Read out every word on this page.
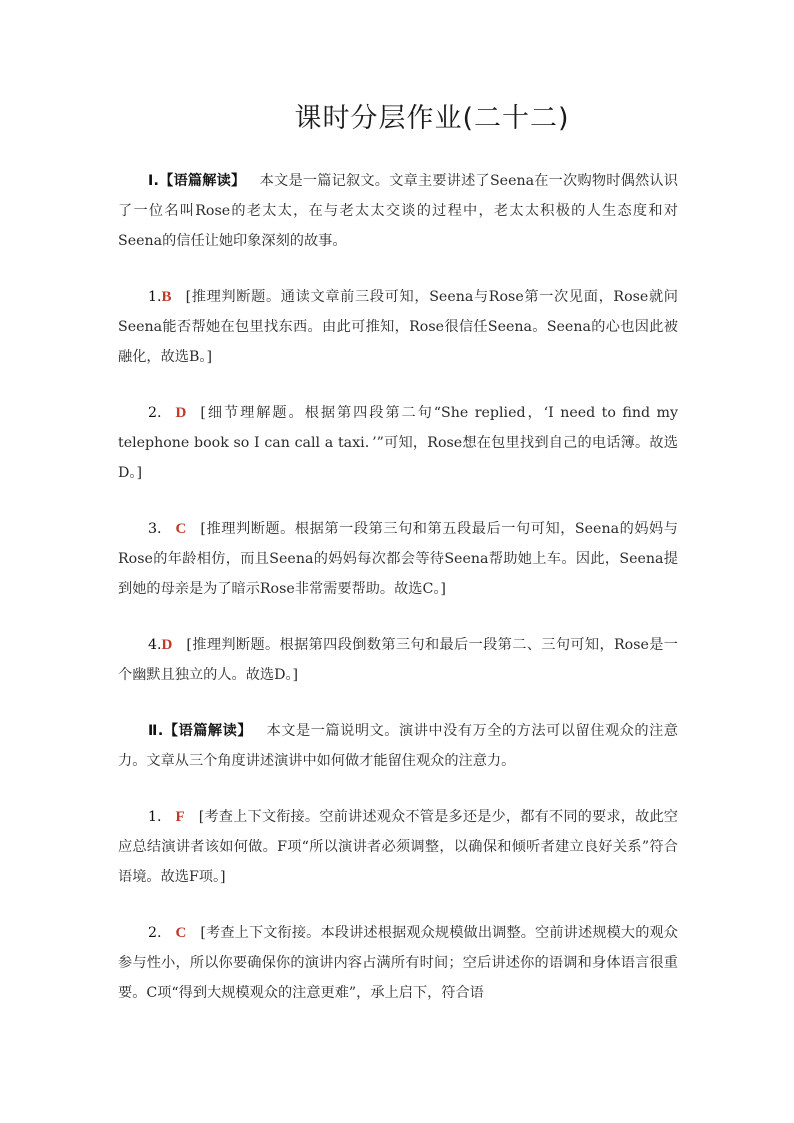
课时分层作业(二十二)

Ⅰ.【语篇解读】 本文是一篇记叙文。文章主要讲述了Seena在一次购物时偶然认识了一位名叫Rose的老太太，在与老太太交谈的过程中，老太太积极的人生态度和对Seena的信任让她印象深刻的故事。

1.B [推理判断题。通读文章前三段可知，Seena与Rose第一次见面，Rose就问Seena能否帮她在包里找东西。由此可推知，Rose很信任Seena。Seena的心也因此被融化，故选B。]

2. D [细节理解题。根据第四段第二句“She replied，‘I need to find my telephone book so I can call a taxi．’”可知，Rose想在包里找到自己的电话簿。故选D。]

3. C [推理判断题。根据第一段第三句和第五段最后一句可知，Seena的妈妈与Rose的年龄相仿，而且Seena的妈妈每次都会等待Seena帮助她上车。因此，Seena提到她的母亲是为了暗示Rose非常需要帮助。故选C。]

4.D [推理判断题。根据第四段倒数第三句和最后一段第二、三句可知，Rose是一个幽默且独立的人。故选D。]

Ⅱ.【语篇解读】 本文是一篇说明文。演讲中没有万全的方法可以留住观众的注意力。文章从三个角度讲述演讲中如何做才能留住观众的注意力。

1. F [考查上下文衔接。空前讲述观众不管是多还是少，都有不同的要求，故此空应总结演讲者该如何做。F项“所以演讲者必须调整，以确保和倾听者建立良好关系”符合语境。故选F项。]

2. C [考查上下文衔接。本段讲述根据观众规模做出调整。空前讲述规模大的观众参与性小，所以你要确保你的演讲内容占满所有时间；空后讲述你的语调和身体语言很重要。C项“得到大规模观众的注意更难”，承上启下，符合语
